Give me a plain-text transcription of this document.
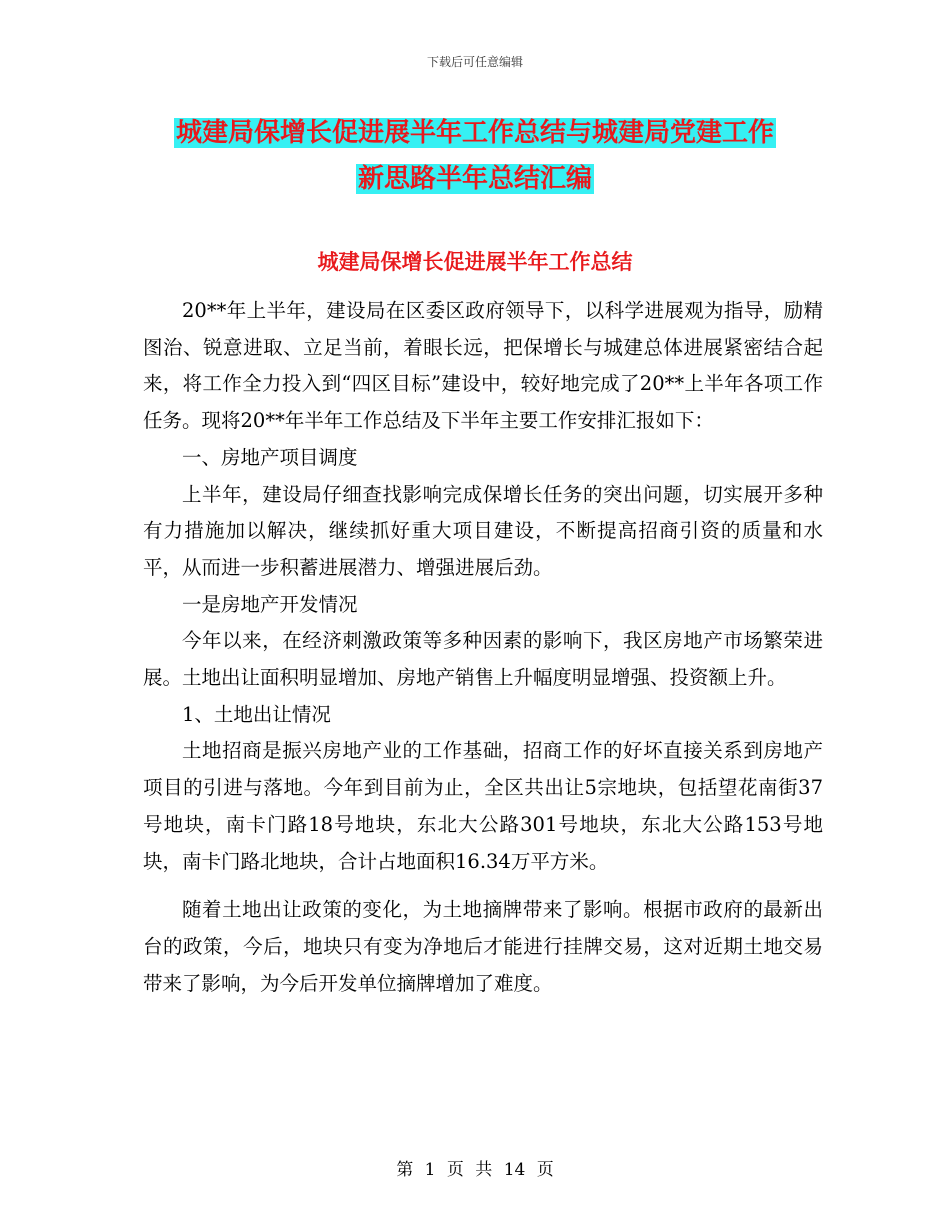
下载后可任意编辑
城建局保增长促进展半年工作总结与城建局党建工作
新思路半年总结汇编
城建局保增长促进展半年工作总结

20**年上半年，建设局在区委区政府领导下，以科学进展观为指导，励精图治、锐意进取、立足当前，着眼长远，把保增长与城建总体进展紧密结合起来，将工作全力投入到“四区目标”建设中，较好地完成了20**上半年各项工作任务。现将20**年半年工作总结及下半年主要工作安排汇报如下：

一、房地产项目调度

上半年，建设局仔细查找影响完成保增长任务的突出问题，切实展开多种有力措施加以解决，继续抓好重大项目建设，不断提高招商引资的质量和水平，从而进一步积蓄进展潜力、增强进展后劲。

一是房地产开发情况

今年以来，在经济刺激政策等多种因素的影响下，我区房地产市场繁荣进展。土地出让面积明显增加、房地产销售上升幅度明显增强、投资额上升。

1、土地出让情况

土地招商是振兴房地产业的工作基础，招商工作的好坏直接关系到房地产项目的引进与落地。今年到目前为止，全区共出让5宗地块，包括望花南街37号地块，南卡门路18号地块，东北大公路301号地块，东北大公路153号地块，南卡门路北地块，合计占地面积16.34万平方米。

随着土地出让政策的变化，为土地摘牌带来了影响。根据市政府的最新出台的政策，今后，地块只有变为净地后才能进行挂牌交易，这对近期土地交易带来了影响，为今后开发单位摘牌增加了难度。

第 1 页 共 14 页
